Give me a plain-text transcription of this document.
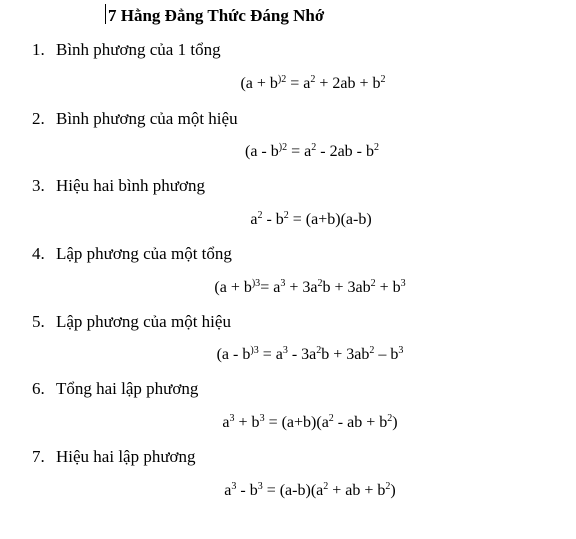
7 Hằng Đẳng Thức Đáng Nhớ
1. Bình phương của 1 tổng
($a + b^{)2} = a^2 + 2ab + b^2$
2. Bình phương của một hiệu
($a - b^{)2} = a^2 - 2ab - b^2$
3. Hiệu hai bình phương
$a^2 - b^2 = (a+b)(a-b)$
4. Lập phương của một tổng
($a + b^{)3}= a^3 + 3a^2b + 3ab^2 + b^3$
5. Lập phương của một hiệu
($a - b^{)3} = a^3 - 3a^2b + 3ab^2 - b^3$
6. Tổng hai lập phương
$a^3 + b^3 = (a+b)(a^2$ - ab + $b^2$)
7. Hiệu hai lập phương
$a^3 - b^3 = (a-b)(a^2$ + ab + $b^2$)
